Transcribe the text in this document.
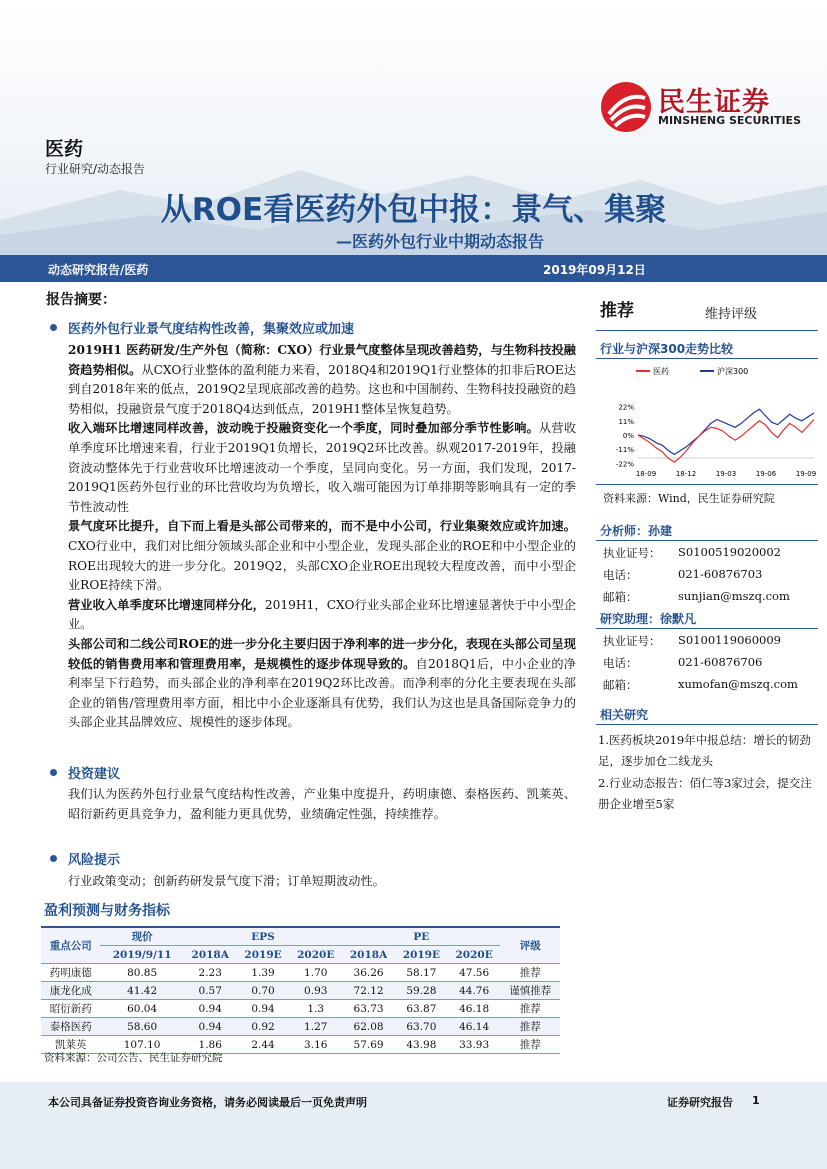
民生证券
MINSHENG SECURITIES
医药
行业研究/动态报告
从ROE看医药外包中报：景气、集聚
—医药外包行业中期动态报告
动态研究报告/医药	2019年09月12日
报告摘要：
医药外包行业景气度结构性改善，集聚效应或加速

2019H1 医药研发/生产外包（简称：CXO）行业景气度整体呈现改善趋势，与生物科技投融资趋势相似。从CXO行业整体的盈利能力来看，2018Q4和2019Q1行业整体的扣非后ROE达到自2018年来的低点，2019Q2呈现底部改善的趋势。这也和中国制药、生物科技投融资的趋势相似，投融资景气度于2018Q4达到低点，2019H1整体呈恢复趋势。

收入端环比增速同样改善，波动晚于投融资变化一个季度，同时叠加部分季节性影响。从营收单季度环比增速来看，行业于2019Q1负增长，2019Q2环比改善。纵观2017-2019年，投融资波动整体先于行业营收环比增速波动一个季度，呈同向变化。另一方面，我们发现，2017-2019Q1医药外包行业的环比营收均为负增长，收入端可能因为订单排期等影响具有一定的季节性波动性

景气度环比提升，自下而上看是头部公司带来的，而不是中小公司，行业集聚效应或许加速。CXO行业中，我们对比细分领域头部企业和中小型企业，发现头部企业的ROE和中小型企业的ROE出现较大的进一步分化。2019Q2，头部CXO企业ROE出现较大程度改善，而中小型企业ROE持续下滑。

营业收入单季度环比增速同样分化，2019H1，CXO行业头部企业环比增速显著快于中小型企业。

头部公司和二线公司ROE的进一步分化主要归因于净利率的进一步分化，表现在头部公司呈现较低的销售费用率和管理费用率，是规模性的逐步体现导致的。自2018Q1后，中小企业的净利率呈下行趋势，而头部企业的净利率在2019Q2环比改善。而净利率的分化主要表现在头部企业的销售/管理费用率方面，相比中小企业逐渐具有优势，我们认为这也是具备国际竞争力的头部企业其品牌效应、规模性的逐步体现。

投资建议

我们认为医药外包行业景气度结构性改善，产业集中度提升，药明康德、泰格医药、凯莱英、昭衍新药更具竞争力，盈利能力更具优势，业绩确定性强，持续推荐。

风险提示

行业政策变动；创新药研发景气度下滑；订单短期波动性。

推荐	维持评级
行业与沪深300走势比较
医药	沪深300
22%
11%
0%
-11%
-22%
18-09	18-12	19-03	19-06	19-09
资料来源：Wind，民生证券研究院
分析师：孙建
执业证号： S0100519020002
电话：	021-60876703
邮箱：	sunjian@mszq.com
研究助理：徐默凡
执业证号： S0100119060009
电话：	021-60876706
邮箱：	xumofan@mszq.com
相关研究
1.医药板块2019年中报总结：增长的韧劲足，逐步加仓二线龙头
2.行业动态报告：佰仁等3家过会，提交注册企业增至5家
盈利预测与财务指标
重点公司	现价	EPS			PE			评级
	2019/9/11	2018A	2019E	2020E	2018A	2019E	2020E	
药明康德	80.85	2.23	1.39	1.70	36.26	58.17	47.56	推荐
康龙化成	41.42	0.57	0.70	0.93	72.12	59.28	44.76	谨慎推荐
昭衍新药	60.04	0.94	0.94	1.3	63.73	63.87	46.18	推荐
泰格医药	58.60	0.94	0.92	1.27	62.08	63.70	46.14	推荐
凯莱英	107.10	1.86	2.44	3.16	57.69	43.98	33.93	推荐
资料来源：公司公告、民生证券研究院
本公司具备证券投资咨询业务资格，请务必阅读最后一页免责声明	证券研究报告 1
